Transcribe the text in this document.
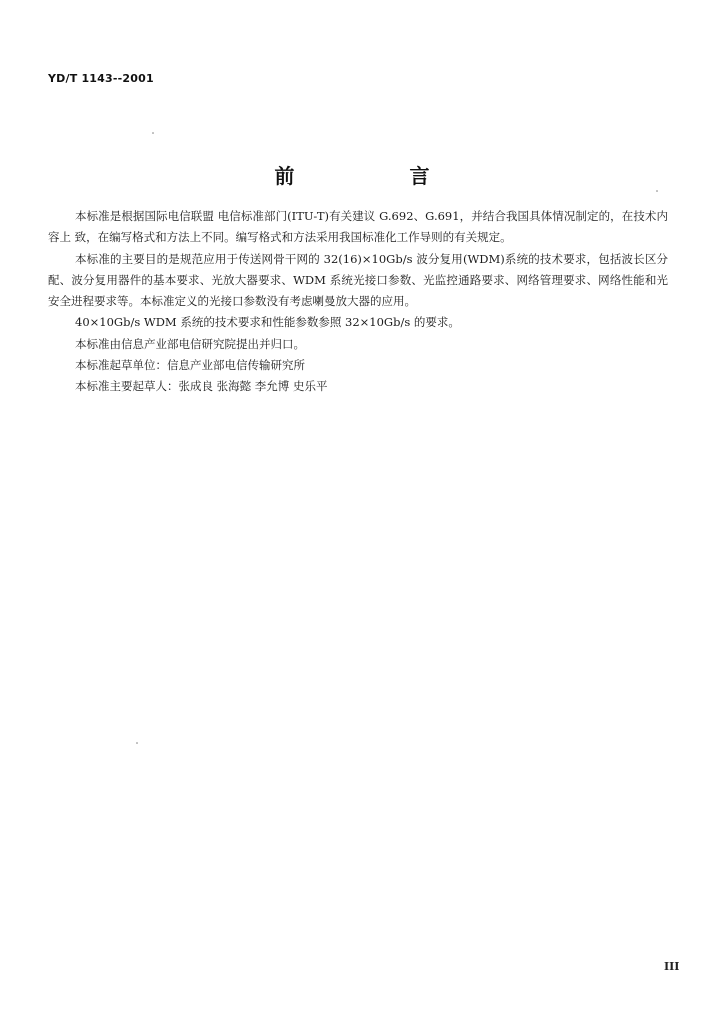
YD/T 1143--2001
前 言

本标准是根据国际电信联盟 电信标准部门(ITU-T)有关建议 G.692、G.691，并结合我国具体情况制定的，在技术内容上 致，在编写格式和方法上不同。编写格式和方法采用我国标准化工作导则的有关规定。

本标准的主要目的是规范应用于传送网骨干网的 32(16)×10Gb/s 波分复用(WDM)系统的技术要求，包括波长区分配、波分复用器件的基本要求、光放大器要求、WDM 系统光接口参数、光监控通路要求、网络管理要求、网络性能和光安全进程要求等。本标准定义的光接口参数没有考虑喇曼放大器的应用。

40×10Gb/s WDM 系统的技术要求和性能参数参照 32×10Gb/s 的要求。

本标准由信息产业部电信研究院提出并归口。

本标准起草单位：信息产业部电信传输研究所

本标准主要起草人：张成良 张海懿 李允博 史乐平

III
